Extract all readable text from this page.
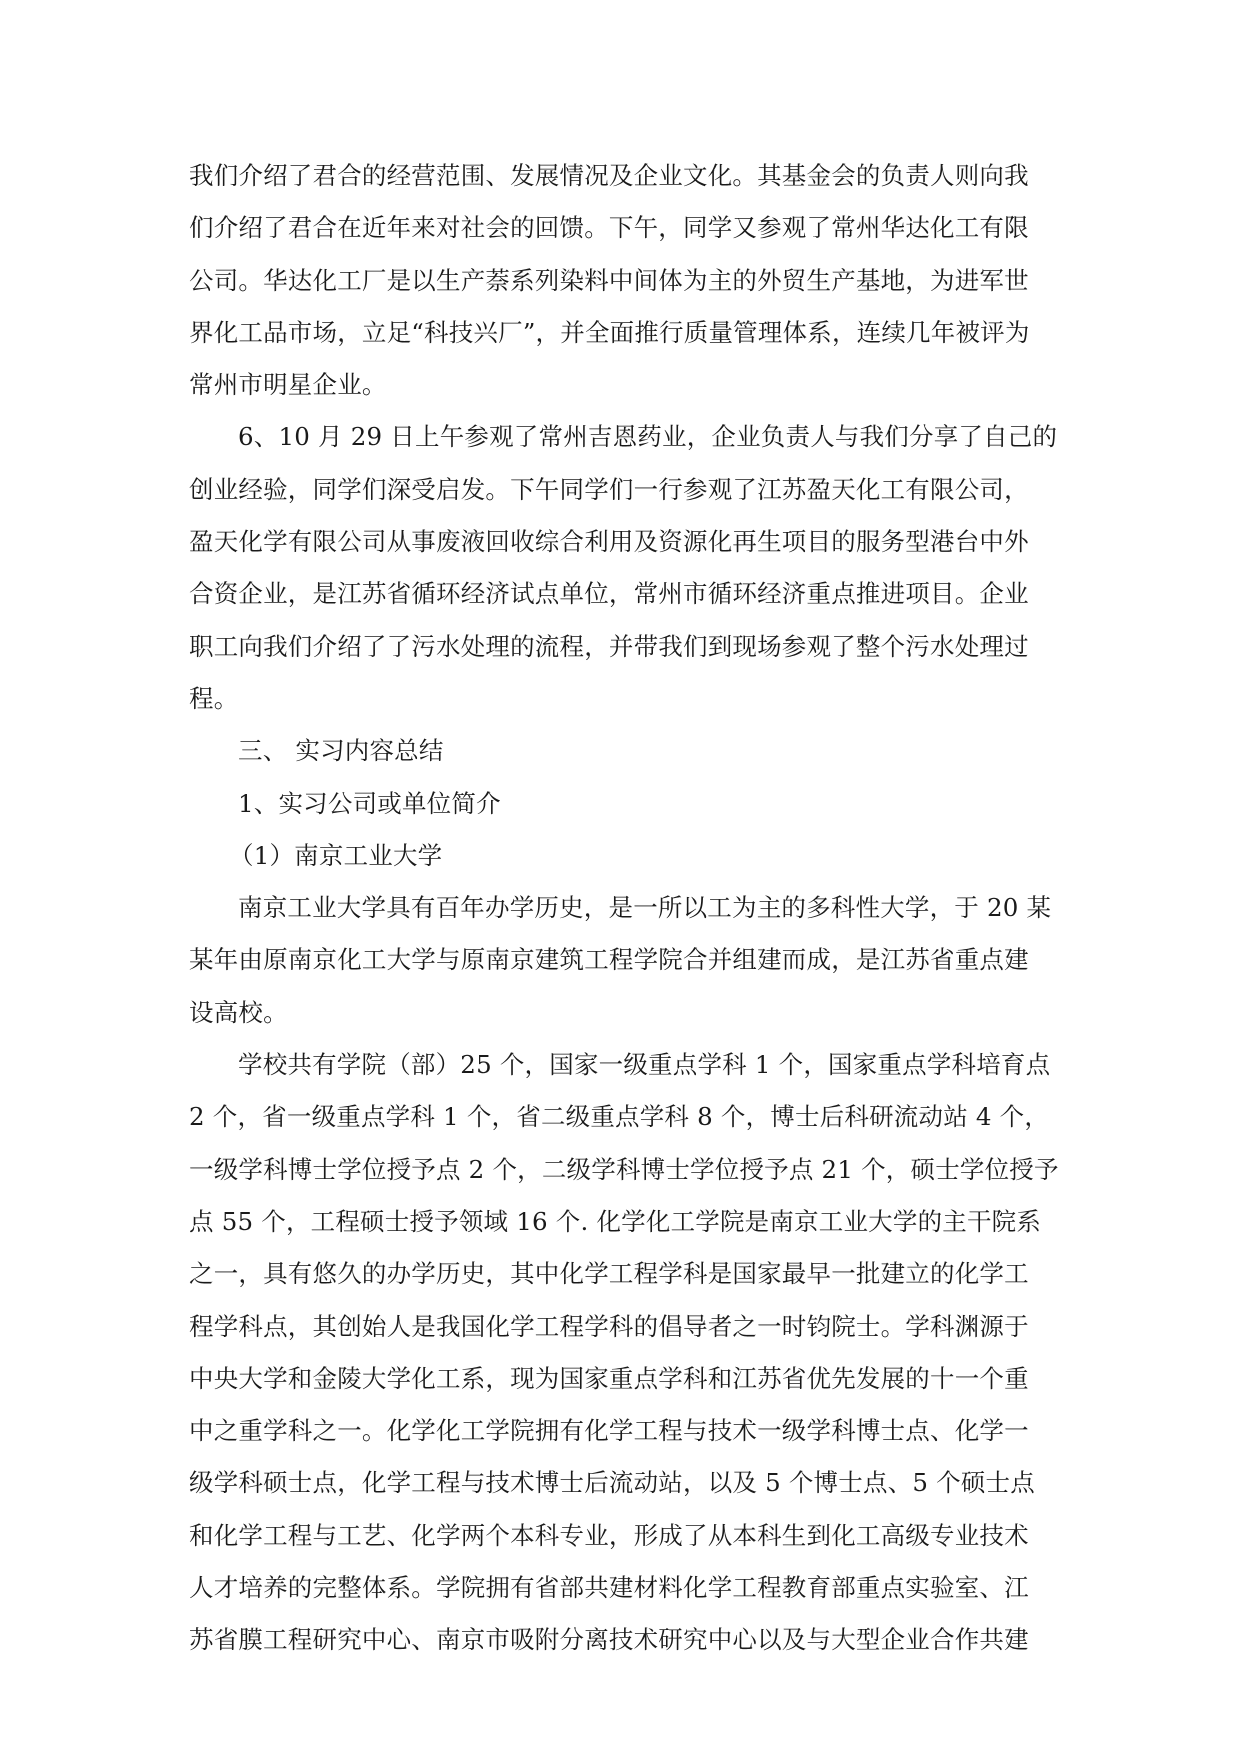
我们介绍了君合的经营范围、发展情况及企业文化。其基金会的负责人则向我
们介绍了君合在近年来对社会的回馈。下午，同学又参观了常州华达化工有限
公司。华达化工厂是以生产萘系列染料中间体为主的外贸生产基地，为进军世
界化工品市场，立足“科技兴厂”，并全面推行质量管理体系，连续几年被评为
常州市明星企业。
6、10 月 29 日上午参观了常州吉恩药业，企业负责人与我们分享了自己的
创业经验，同学们深受启发。下午同学们一行参观了江苏盈天化工有限公司，
盈天化学有限公司从事废液回收综合利用及资源化再生项目的服务型港台中外
合资企业，是江苏省循环经济试点单位，常州市循环经济重点推进项目。企业
职工向我们介绍了了污水处理的流程，并带我们到现场参观了整个污水处理过
程。
三、 实习内容总结
1、实习公司或单位简介
（1）南京工业大学
南京工业大学具有百年办学历史，是一所以工为主的多科性大学，于 20 某
某年由原南京化工大学与原南京建筑工程学院合并组建而成，是江苏省重点建
设高校。
学校共有学院（部）25 个，国家一级重点学科 1 个，国家重点学科培育点
2 个，省一级重点学科 1 个，省二级重点学科 8 个，博士后科研流动站 4 个，
一级学科博士学位授予点 2 个，二级学科博士学位授予点 21 个，硕士学位授予
点 55 个，工程硕士授予领域 16 个. 化学化工学院是南京工业大学的主干院系
之一，具有悠久的办学历史，其中化学工程学科是国家最早一批建立的化学工
程学科点，其创始人是我国化学工程学科的倡导者之一时钧院士。学科渊源于
中央大学和金陵大学化工系，现为国家重点学科和江苏省优先发展的十一个重
中之重学科之一。化学化工学院拥有化学工程与技术一级学科博士点、化学一
级学科硕士点，化学工程与技术博士后流动站，以及 5 个博士点、5 个硕士点
和化学工程与工艺、化学两个本科专业，形成了从本科生到化工高级专业技术
人才培养的完整体系。学院拥有省部共建材料化学工程教育部重点实验室、江
苏省膜工程研究中心、南京市吸附分离技术研究中心以及与大型企业合作共建
